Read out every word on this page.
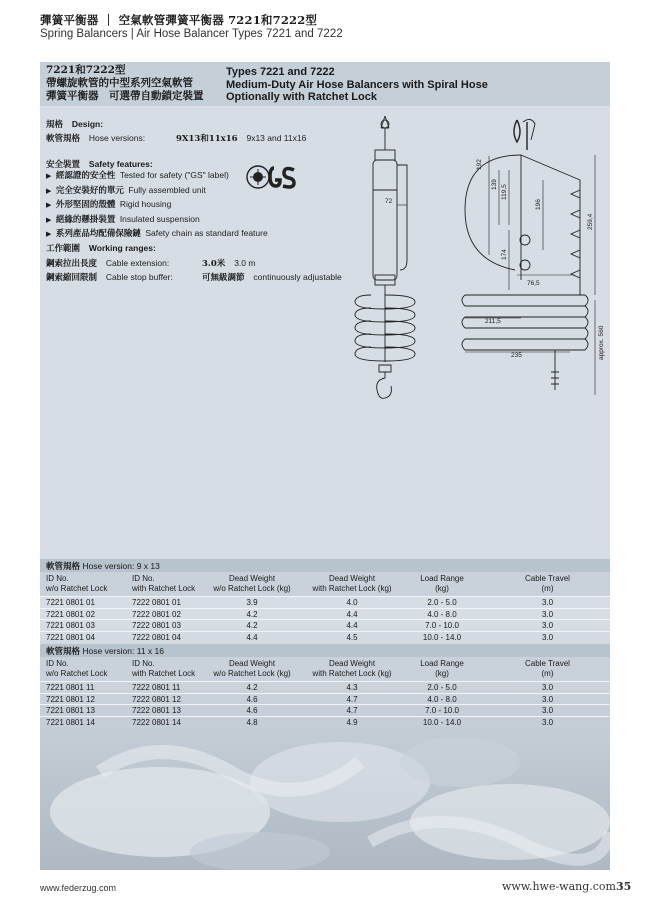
彈簧平衡器 ｜ 空氣軟管彈簧平衡器 7221和7222型
Spring Balancers | Air Hose Balancer Types 7221 and 7222
7221和7222型
帶螺旋軟管的中型系列空氣軟管
彈簧平衡器　可選帶自動鎖定裝置
Types 7221 and 7222
Medium-Duty Air Hose Balancers with Spiral Hose
Optionally with Ratchet Lock
規格 Design:
軟管規格 Hose versions:	9X13和11x16 9x13 and 11x16
安全裝置 Safety features:
▶ 經認證的安全性 Tested for safety ("GS" label)
▶ 完全安裝好的單元 Fully assembled unit
▶ 外形堅固的殼體 Rigid housing
▶ 絕緣的懸掛裝置 Insulated suspension
▶ 系列產品均配備保險鏈 Safety chain as standard feature
工作範圍 Working ranges:
鋼索拉出長度 Cable extension:	3.0米 3.0 m
鋼索縮回限制 Cable stop buffer:	可無級調節 continuously adjustable
72
192
139 119,5
196
259,4
174
76,5
211,5
235	approx. 560
軟管規格 Hose version: 9 x 13
ID No.
w/o Ratchet Lock
ID No.
with Ratchet Lock
Dead Weight
w/o Ratchet Lock (kg)
Dead Weight
with Ratchet Lock (kg)
Load Range
(kg)
Cable Travel
(m)
7221 0801 01	7222 0801 01	3.9	4.0	2.0 - 5.0	3.0
7221 0801 02	7222 0801 02	4.2	4.4	4.0 - 8.0	3.0
7221 0801 03	7222 0801 03	4.2	4.4	7.0 - 10.0	3.0
7221 0801 04	7222 0801 04	4.4	4.5	10.0 - 14.0	3.0
軟管規格 Hose version: 11 x 16
ID No.
w/o Ratchet Lock
ID No.
with Ratchet Lock
Dead Weight
w/o Ratchet Lock (kg)
Dead Weight
with Ratchet Lock (kg)
Load Range
(kg)
Cable Travel
(m)
7221 0801 11	7222 0801 11	4.2	4.3	2.0 - 5.0	3.0
7221 0801 12	7222 0801 12	4.6	4.7	4.0 - 8.0	3.0
7221 0801 13	7222 0801 13	4.6	4.7	7.0 - 10.0	3.0
7221 0801 14	7222 0801 14	4.8	4.9	10.0 - 14.0	3.0
www.federzug.com	www.hwe-wang.com35
